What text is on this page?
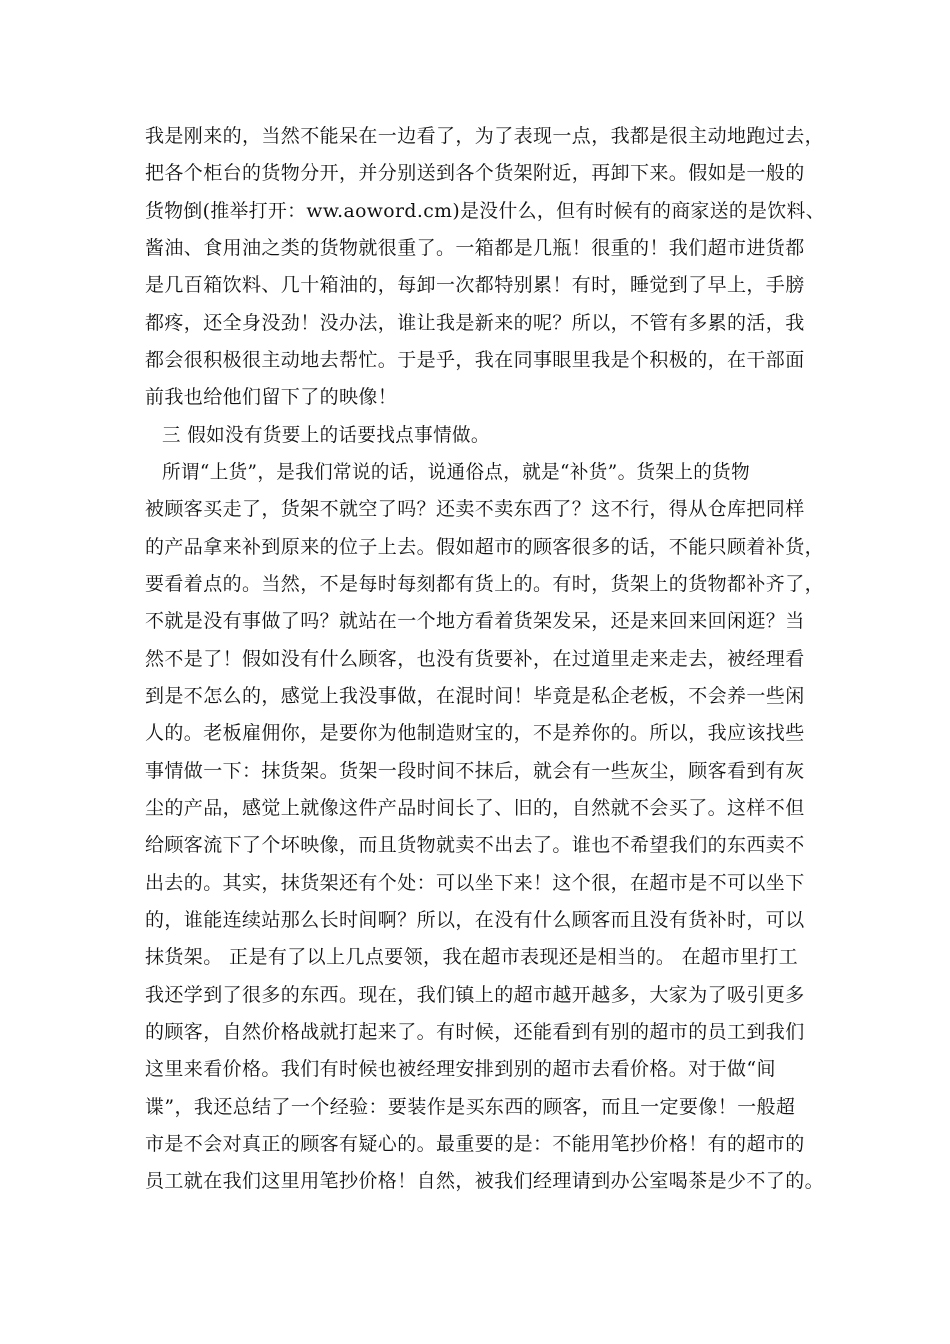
我是刚来的，当然不能呆在一边看了，为了表现一点，我都是很主动地跑过去，

把各个柜台的货物分开，并分别送到各个货架附近，再卸下来。假如是一般的

货物倒(推举打开：ww.aoword.cm)是没什么，但有时候有的商家送的是饮料、

酱油、食用油之类的货物就很重了。一箱都是几瓶！很重的！我们超市进货都

是几百箱饮料、几十箱油的，每卸一次都特别累！有时，睡觉到了早上，手膀

都疼，还全身没劲！没办法，谁让我是新来的呢？所以，不管有多累的活，我

都会很积极很主动地去帮忙。于是乎，我在同事眼里我是个积极的，在干部面

前我也给他们留下了的映像！

三 假如没有货要上的话要找点事情做。

所谓“上货”，是我们常说的话，说通俗点，就是“补货”。货架上的货物

被顾客买走了，货架不就空了吗？还卖不卖东西了？这不行，得从仓库把同样

的产品拿来补到原来的位子上去。假如超市的顾客很多的话，不能只顾着补货，

要看着点的。当然，不是每时每刻都有货上的。有时，货架上的货物都补齐了，

不就是没有事做了吗？就站在一个地方看着货架发呆，还是来回来回闲逛？当

然不是了！假如没有什么顾客，也没有货要补，在过道里走来走去，被经理看

到是不怎么的，感觉上我没事做，在混时间！毕竟是私企老板，不会养一些闲

人的。老板雇佣你，是要你为他制造财宝的，不是养你的。所以，我应该找些

事情做一下：抹货架。货架一段时间不抹后，就会有一些灰尘，顾客看到有灰

尘的产品，感觉上就像这件产品时间长了、旧的，自然就不会买了。这样不但

给顾客流下了个坏映像，而且货物就卖不出去了。谁也不希望我们的东西卖不

出去的。其实，抹货架还有个处：可以坐下来！这个很，在超市是不可以坐下

的，谁能连续站那么长时间啊？所以，在没有什么顾客而且没有货补时，可以

抹货架。 正是有了以上几点要领，我在超市表现还是相当的。 在超市里打工

我还学到了很多的东西。现在，我们镇上的超市越开越多，大家为了吸引更多

的顾客，自然价格战就打起来了。有时候，还能看到有别的超市的员工到我们

这里来看价格。我们有时候也被经理安排到别的超市去看价格。对于做“间

谍”，我还总结了一个经验：要装作是买东西的顾客，而且一定要像！一般超

市是不会对真正的顾客有疑心的。最重要的是：不能用笔抄价格！有的超市的

员工就在我们这里用笔抄价格！自然，被我们经理请到办公室喝茶是少不了的。
